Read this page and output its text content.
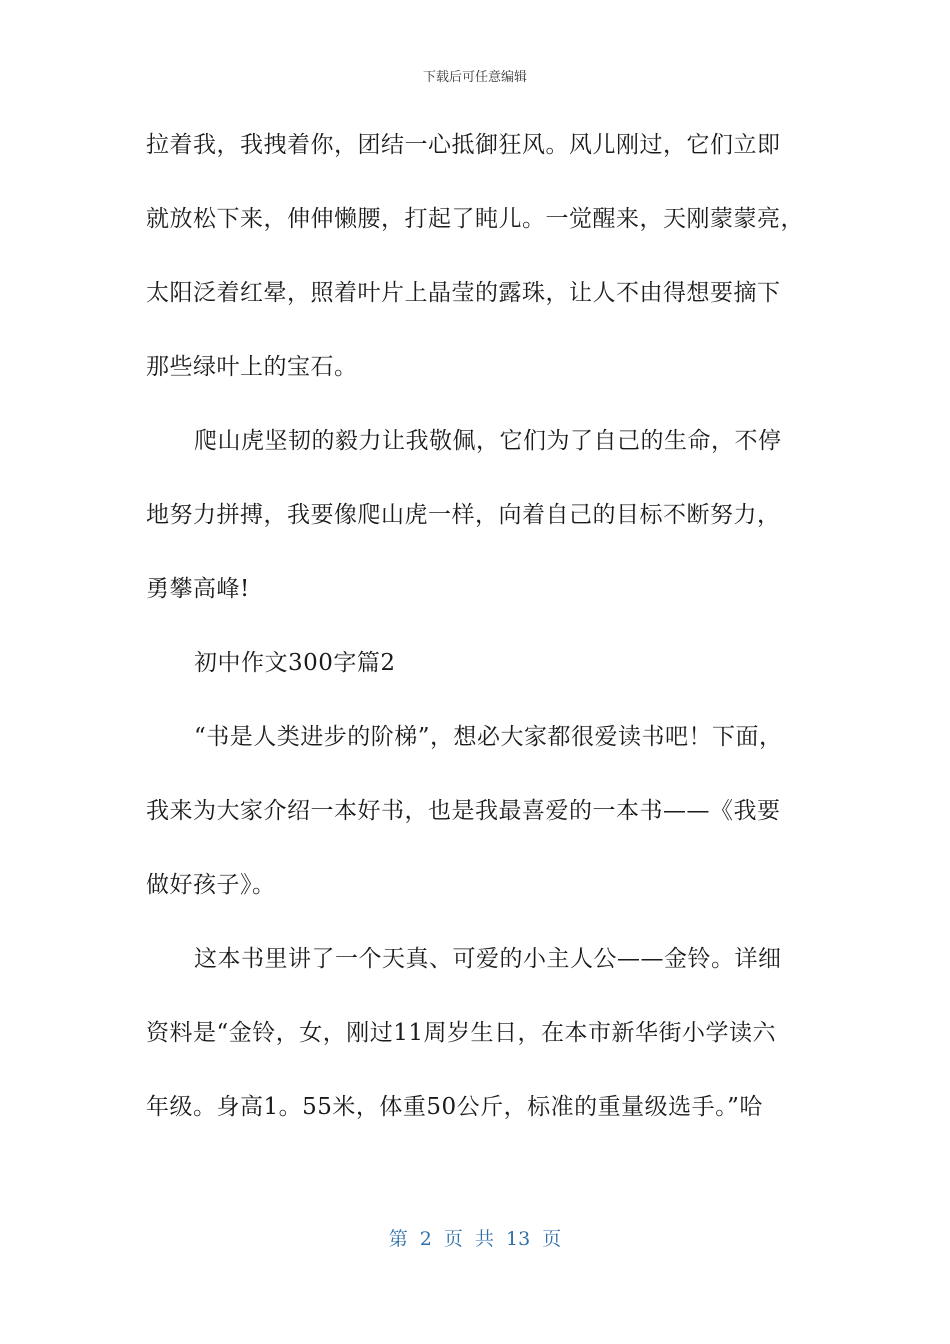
下载后可任意编辑

拉着我，我拽着你，团结一心抵御狂风。风儿刚过，它们立即

就放松下来，伸伸懒腰，打起了盹儿。一觉醒来，天刚蒙蒙亮，

太阳泛着红晕，照着叶片上晶莹的露珠，让人不由得想要摘下

那些绿叶上的宝石。

爬山虎坚韧的毅力让我敬佩，它们为了自己的生命，不停

地努力拼搏，我要像爬山虎一样，向着自己的目标不断努力，

勇攀高峰!

初中作文300字篇2

“书是人类进步的阶梯”，想必大家都很爱读书吧！下面，

我来为大家介绍一本好书，也是我最喜爱的一本书——《我要

做好孩子》。

这本书里讲了一个天真、可爱的小主人公——金铃。详细

资料是“金铃，女，刚过11周岁生日，在本市新华街小学读六

年级。身高1。55米，体重50公斤，标准的重量级选手。”哈

第 2 页 共 13 页
